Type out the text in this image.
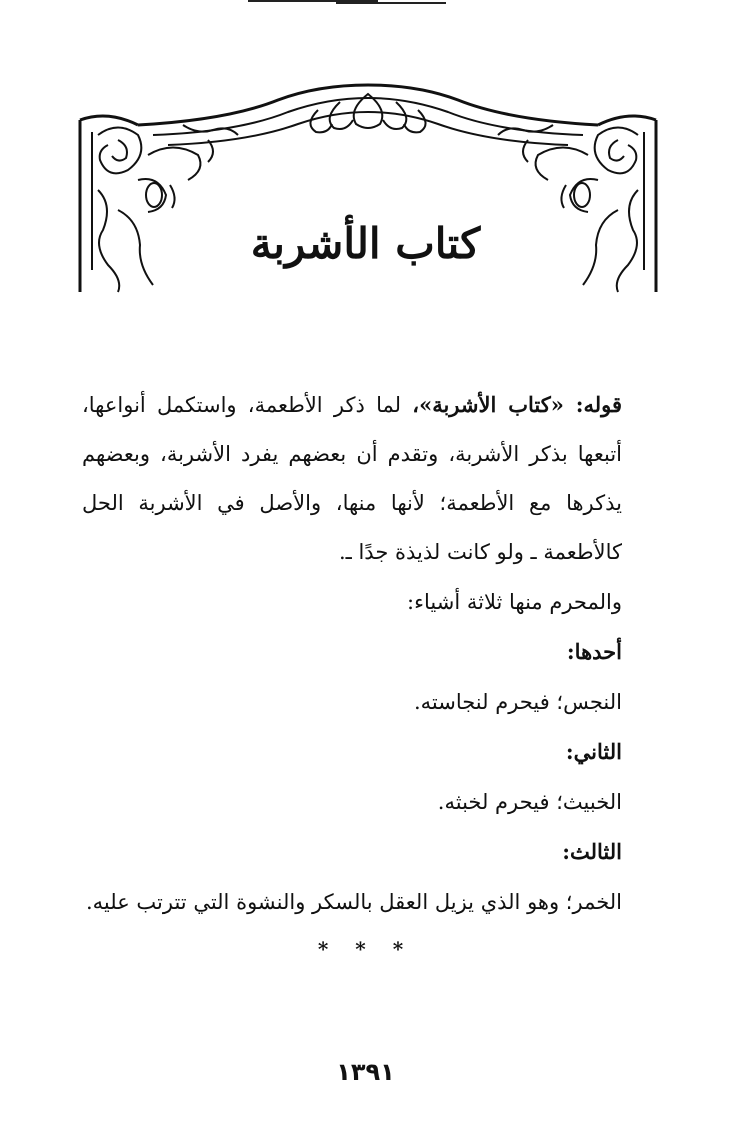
كتاب الأشربة

قوله: «كتاب الأشربة»، لما ذكر الأطعمة، واستكمل أنواعها، أتبعها بذكر الأشربة، وتقدم أن بعضهم يفرد الأشربة، وبعضهم يذكرها مع الأطعمة؛ لأنها منها، والأصل في الأشربة الحل كالأطعمة ـ ولو كانت لذيذة جدًا ـ.

والمحرم منها ثلاثة أشياء:

أحدها:

النجس؛ فيحرم لنجاسته.

الثاني:

الخبيث؛ فيحرم لخبثه.

الثالث:

الخمر؛ وهو الذي يزيل العقل بالسكر والنشوة التي تترتب عليه.

* * *
١٣٩١
